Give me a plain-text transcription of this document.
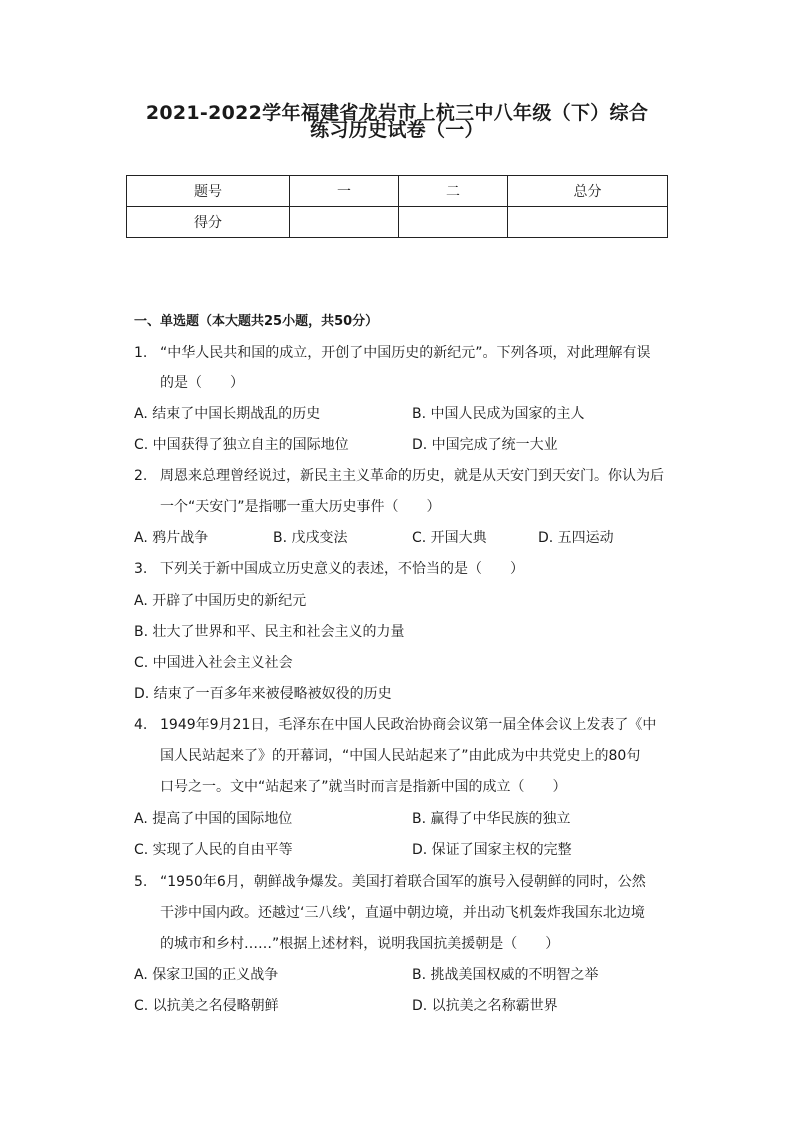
2021-2022学年福建省龙岩市上杭三中八年级（下）综合
练习历史试卷（一）
题号	一	二	总分
得分			
一、单选题（本大题共25小题，共50分）
1. “中华人民共和国的成立，开创了中国历史的新纪元”。下列各项，对此理解有误
的是（　　）
A. 结束了中国长期战乱的历史	B. 中国人民成为国家的主人
C. 中国获得了独立自主的国际地位	D. 中国完成了统一大业
2. 周恩来总理曾经说过，新民主主义革命的历史，就是从天安门到天安门。你认为后
一个“天安门”是指哪一重大历史事件（　　）
A. 鸦片战争	B. 戊戌变法	C. 开国大典	D. 五四运动
3. 下列关于新中国成立历史意义的表述，不恰当的是（　　）
A. 开辟了中国历史的新纪元
B. 壮大了世界和平、民主和社会主义的力量
C. 中国进入社会主义社会
D. 结束了一百多年来被侵略被奴役的历史
4. 1949年9月21日，毛泽东在中国人民政治协商会议第一届全体会议上发表了《中
国人民站起来了》的开幕词，“中国人民站起来了”由此成为中共党史上的80句
口号之一。文中“站起来了”就当时而言是指新中国的成立（　　）
A. 提高了中国的国际地位	B. 赢得了中华民族的独立
C. 实现了人民的自由平等	D. 保证了国家主权的完整
5. “1950年6月，朝鲜战争爆发。美国打着联合国军的旗号入侵朝鲜的同时，公然
干涉中国内政。还越过‘三八线’，直逼中朝边境，并出动飞机轰炸我国东北边境
的城市和乡村……”根据上述材料，说明我国抗美援朝是（　　）
A. 保家卫国的正义战争	B. 挑战美国权威的不明智之举
C. 以抗美之名侵略朝鲜	D. 以抗美之名称霸世界
